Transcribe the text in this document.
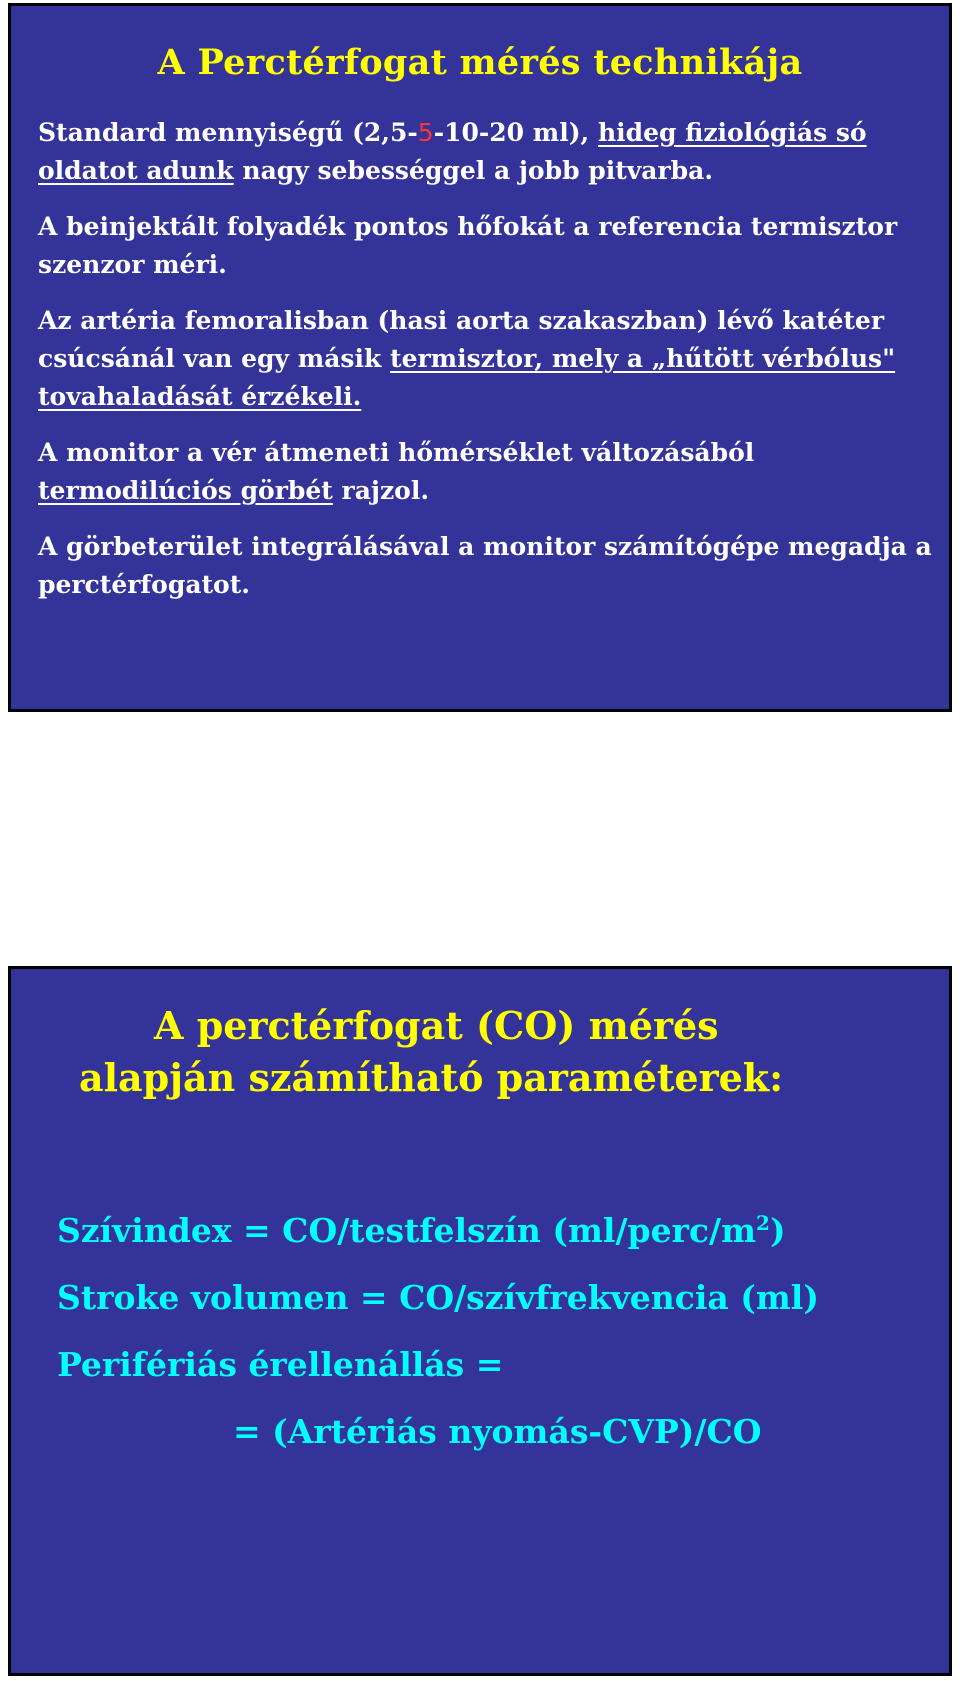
A Perctérfogat mérés technikája

Standard mennyiségű (2,5-5-10-20 ml), hideg fiziológiás só oldatot adunk nagy sebességgel a jobb pitvarba.

A beinjektált folyadék pontos hőfokát a referencia termisztor szenzor méri.

Az artéria femoralisban (hasi aorta szakaszban) lévő katéter csúcsánál van egy másik termisztor, mely a „hűtött vérbólus" tovahaladását érzékeli.

A monitor a vér átmeneti hőmérséklet változásából termodilúciós görbét rajzol.

A görbeterület integrálásával a monitor számítógépe megadja a perctérfogatot.

A perctérfogat (CO) mérés
alapján számítható paraméterek:
Szívindex = CO/testfelszín $(ml/perc/m^2)$
Stroke volumen = CO/szívfrekvencia (ml)
Perifériás érellenállás =
= (Artériás nyomás-CVP)/CO
